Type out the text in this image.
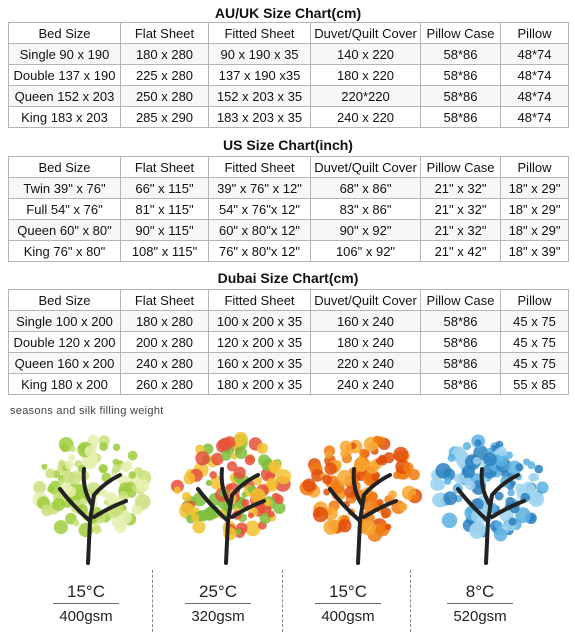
AU/UK Size Chart(cm)
Bed Size	Flat Sheet	Fitted Sheet	Duvet/Quilt Cover	Pillow Case	Pillow
Single 90 x 190	180 x 280	90 x 190 x 35	140 x 220	58*86	48*74
Double 137 x 190	225 x 280	137 x 190 x35	180 x 220	58*86	48*74
Queen 152 x 203	250 x 280	152 x 203 x 35	220*220	58*86	48*74
King 183 x 203	285 x 290	183 x 203 x 35	240 x 220	58*86	48*74
US Size Chart(inch)
Bed Size	Flat Sheet	Fitted Sheet	Duvet/Quilt Cover	Pillow Case	Pillow
Twin 39" x 76"	66" x 115"	39" x 76" x 12"	68" x 86"	21" x 32"	18" x 29"
Full 54" x 76"	81" x 115"	54" x 76"x 12"	83" x 86"	21" x 32"	18" x 29"
Queen 60" x 80"	90" x 115"	60" x 80"x 12"	90" x 92"	21" x 32"	18" x 29"
King 76" x 80"	108" x 115"	76" x 80"x 12"	106" x 92"	21" x 42"	18" x 39"
Dubai Size Chart(cm)
Bed Size	Flat Sheet	Fitted Sheet	Duvet/Quilt Cover	Pillow Case	Pillow
Single 100 x 200	180 x 280	100 x 200 x 35	160 x 240	58*86	45 x 75
Double 120 x 200	200 x 280	120 x 200 x 35	180 x 240	58*86	45 x 75
Queen 160 x 200	240 x 280	160 x 200 x 35	220 x 240	58*86	45 x 75
King 180 x 200	260 x 280	180 x 200 x 35	240 x 240	58*86	55 x 85
seasons and silk filling weight
15°C
400gsm
25°C
320gsm
15°C
400gsm
8°C
520gsm
